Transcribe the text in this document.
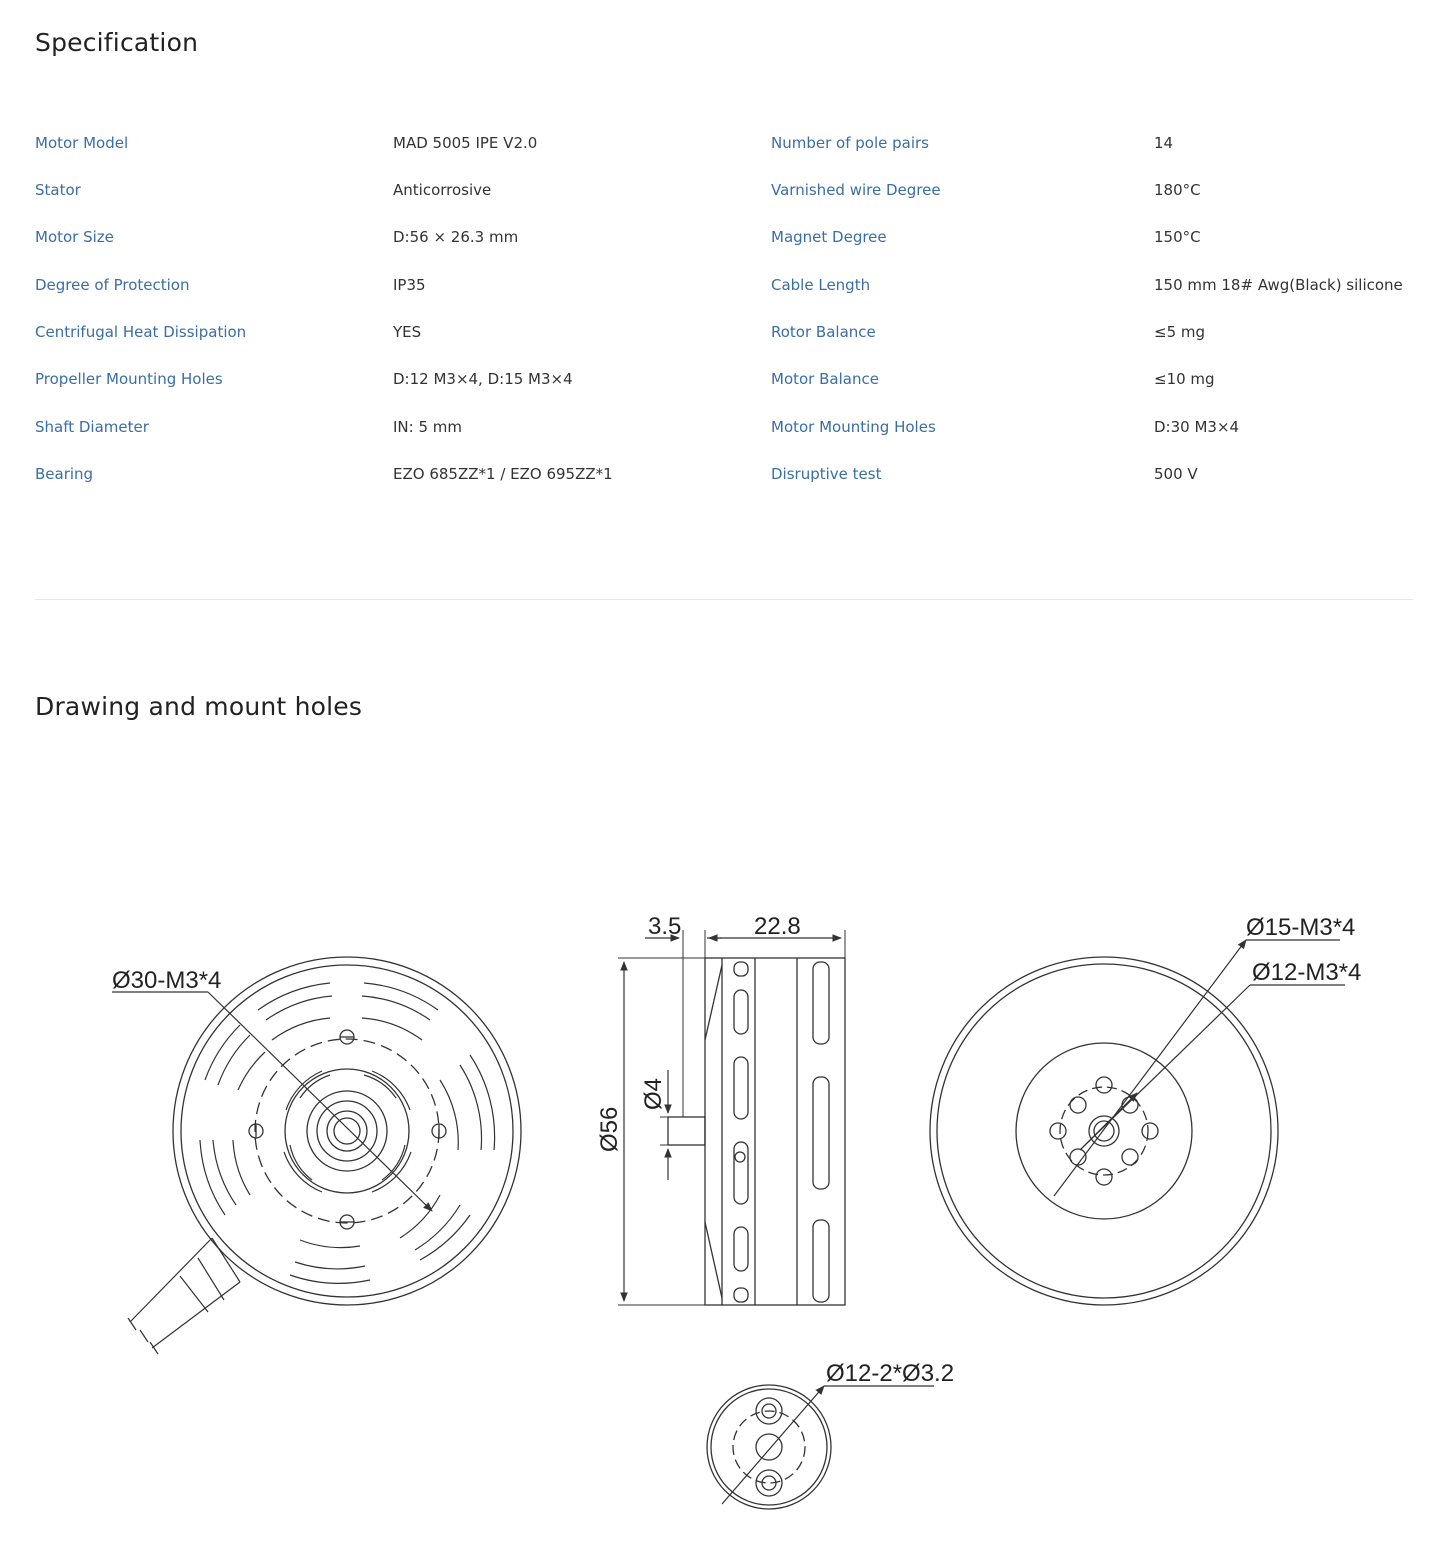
Specification
Motor Model	MAD 5005 IPE V2.0	Number of pole pairs	14
Stator	Anticorrosive	Varnished wire Degree	180°C
Motor Size	D:56 × 26.3 mm	Magnet Degree	150°C
Degree of Protection	IP35	Cable Length	150 mm 18# Awg(Black) silicone
Centrifugal Heat Dissipation	YES	Rotor Balance	≤5 mg
Propeller Mounting Holes	D:12 M3×4, D:15 M3×4	Motor Balance	≤10 mg
Shaft Diameter	IN: 5 mm	Motor Mounting Holes	D:30 M3×4
Bearing	EZO 685ZZ*1 / EZO 695ZZ*1	Disruptive test	500 V
Drawing and mount holes
Ø30-M3*4
3.5	22.8
Ø56
Ø4
Ø15-M3*4
Ø12-M3*4
Ø12-2*Ø3.2
